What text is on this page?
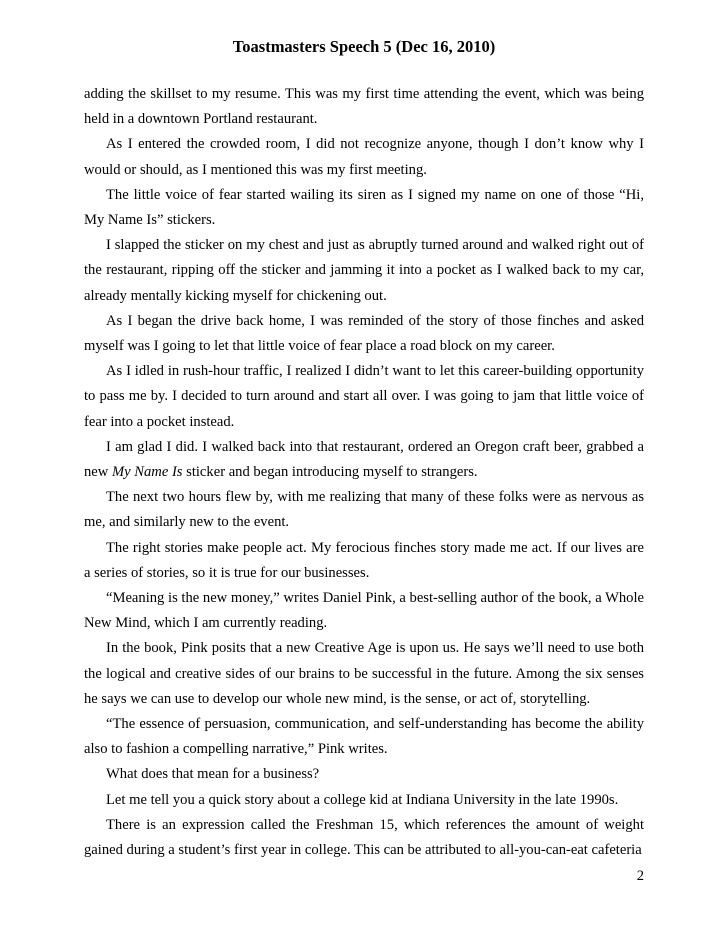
Toastmasters Speech 5 (Dec 16, 2010)

adding the skillset to my resume. This was my first time attending the event, which was being held in a downtown Portland restaurant.

As I entered the crowded room, I did not recognize anyone, though I don’t know why I would or should, as I mentioned this was my first meeting.

The little voice of fear started wailing its siren as I signed my name on one of those “Hi, My Name Is” stickers.

I slapped the sticker on my chest and just as abruptly turned around and walked right out of the restaurant, ripping off the sticker and jamming it into a pocket as I walked back to my car, already mentally kicking myself for chickening out.

As I began the drive back home, I was reminded of the story of those finches and asked myself was I going to let that little voice of fear place a road block on my career.

As I idled in rush-hour traffic, I realized I didn’t want to let this career-building opportunity to pass me by. I decided to turn around and start all over. I was going to jam that little voice of fear into a pocket instead.

I am glad I did. I walked back into that restaurant, ordered an Oregon craft beer, grabbed a new My Name Is sticker and began introducing myself to strangers.

The next two hours flew by, with me realizing that many of these folks were as nervous as me, and similarly new to the event.

The right stories make people act. My ferocious finches story made me act. If our lives are a series of stories, so it is true for our businesses.

“Meaning is the new money,” writes Daniel Pink, a best-selling author of the book, a Whole New Mind, which I am currently reading.

In the book, Pink posits that a new Creative Age is upon us. He says we’ll need to use both the logical and creative sides of our brains to be successful in the future. Among the six senses he says we can use to develop our whole new mind, is the sense, or act of, storytelling.

“The essence of persuasion, communication, and self-understanding has become the ability also to fashion a compelling narrative,” Pink writes.

What does that mean for a business?

Let me tell you a quick story about a college kid at Indiana University in the late 1990s.

There is an expression called the Freshman 15, which references the amount of weight gained during a student’s first year in college. This can be attributed to all-you-can-eat cafeteria

2
